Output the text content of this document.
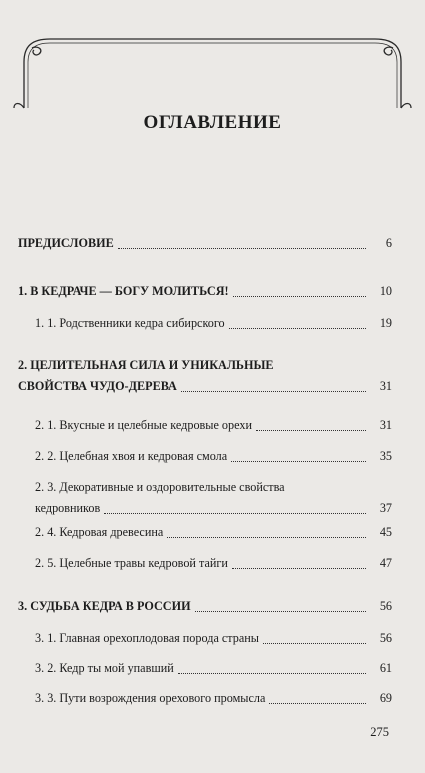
ОГЛАВЛЕНИЕ
ПРЕДИСЛОВИЕ	6
1. В КЕДРАЧЕ — БОГУ МОЛИТЬСЯ!	10
1. 1. Родственники кедра сибирского	19
2. ЦЕЛИТЕЛЬНАЯ СИЛА И УНИКАЛЬНЫЕ
СВОЙСТВА ЧУДО-ДЕРЕВА	31
2. 1. Вкусные и целебные кедровые орехи	31
2. 2. Целебная хвоя и кедровая смола	35
2. 3. Декоративные и оздоровительные свойства
кедровников	37
2. 4. Кедровая древесина	45
2. 5. Целебные травы кедровой тайги	47
3. СУДЬБА КЕДРА В РОССИИ	56
3. 1. Главная орехоплодовая порода страны	56
3. 2. Кедр ты мой упавший	61
3. 3. Пути возрождения орехового промысла	69
275
